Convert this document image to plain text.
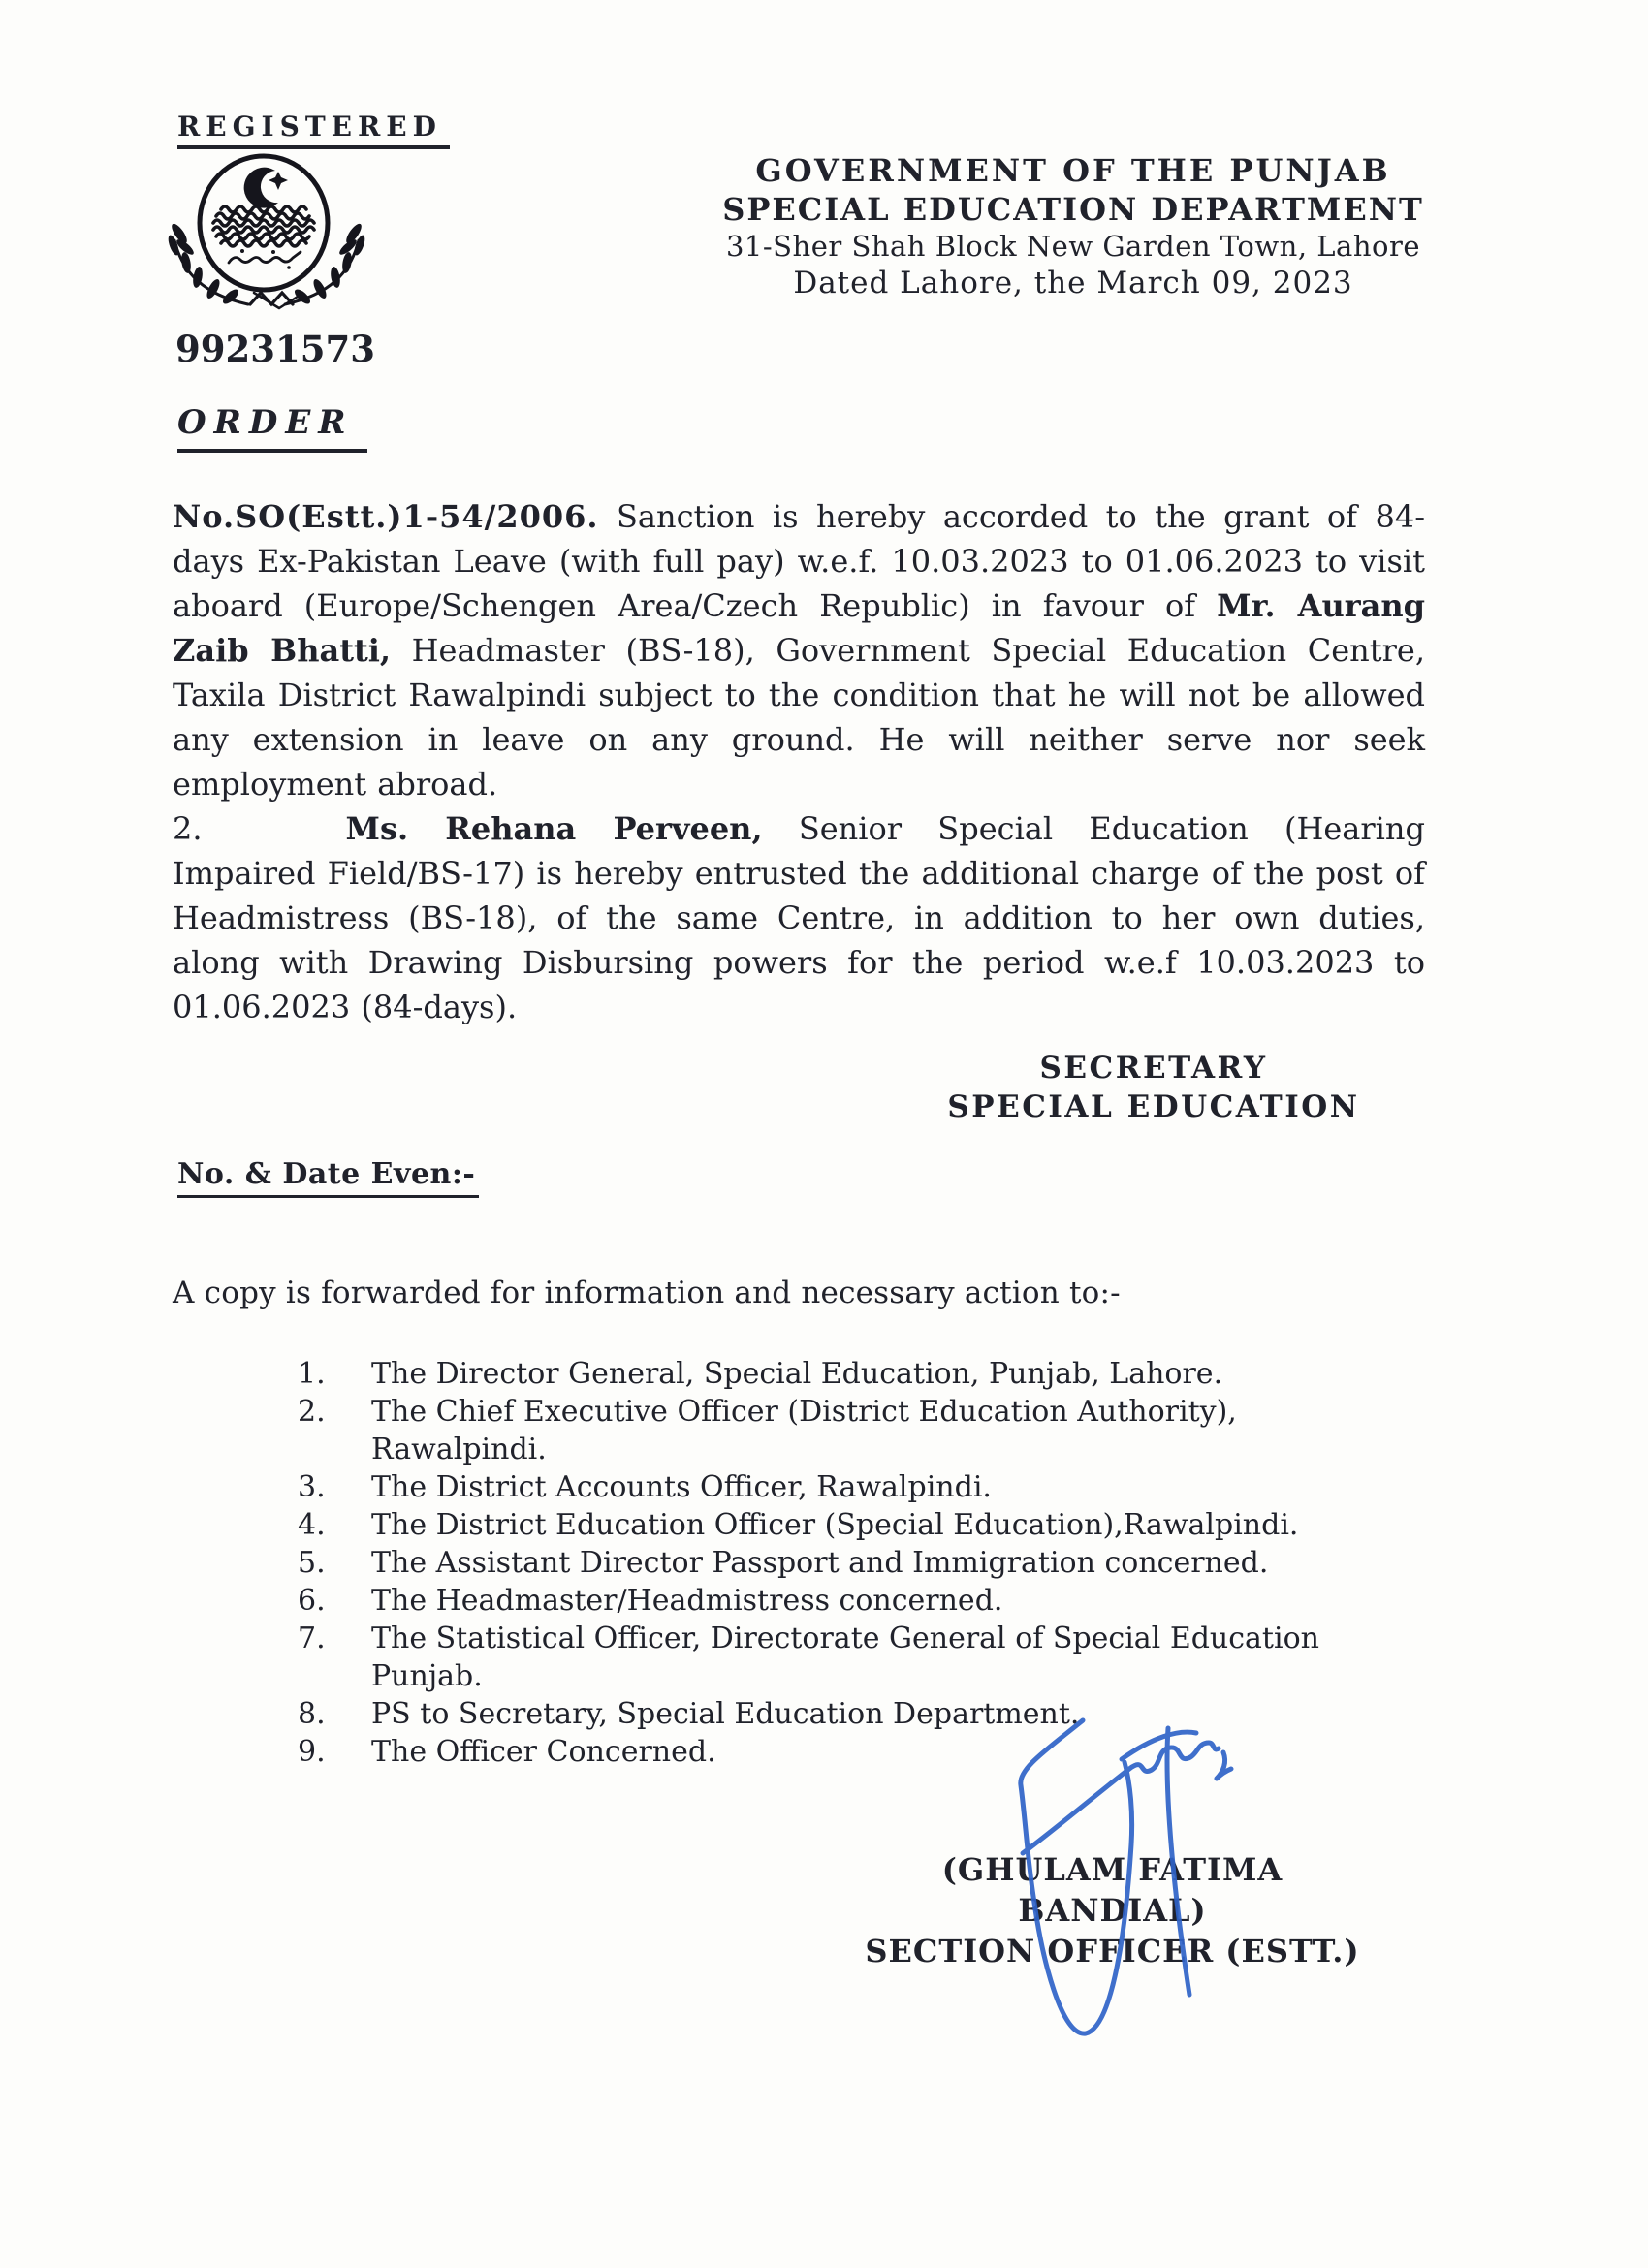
REGISTERED
99231573
GOVERNMENT OF THE PUNJAB
SPECIAL EDUCATION DEPARTMENT
31-Sher Shah Block New Garden Town, Lahore
Dated Lahore, the March 09, 2023
ORDER

No.SO(Estt.)1-54/2006. Sanction is hereby accorded to the grant of 84-days Ex-Pakistan Leave (with full pay) w.e.f. 10.03.2023 to 01.06.2023 to visit aboard (Europe/Schengen Area/Czech Republic) in favour of Mr. Aurang Zaib Bhatti, Headmaster (BS-18), Government Special Education Centre, Taxila District Rawalpindi subject to the condition that he will not be allowed any extension in leave on any ground. He will neither serve nor seek employment abroad.

2.	Ms. Rehana Perveen, Senior Special Education (Hearing Impaired Field/BS-17) is hereby entrusted the additional charge of the post of Headmistress (BS-18), of the same Centre, in addition to her own duties, along with Drawing Disbursing powers for the period w.e.f 10.03.2023 to 01.06.2023 (84-days).

SECRETARY
SPECIAL EDUCATION
No. & Date Even:-
A copy is forwarded for information and necessary action to:-
1.	The Director General, Special Education, Punjab, Lahore.
2.	The Chief Executive Officer (District Education Authority), Rawalpindi.
3.	The District Accounts Officer, Rawalpindi.
4.	The District Education Officer (Special Education),Rawalpindi.
5.	The Assistant Director Passport and Immigration concerned.
6.	The Headmaster/Headmistress concerned.
7.	The Statistical Officer, Directorate General of Special Education Punjab.
8.	PS to Secretary, Special Education Department.
9.	The Officer Concerned.
(GHULAM FATIMA BANDIAL)
SECTION OFFICER (ESTT.)
